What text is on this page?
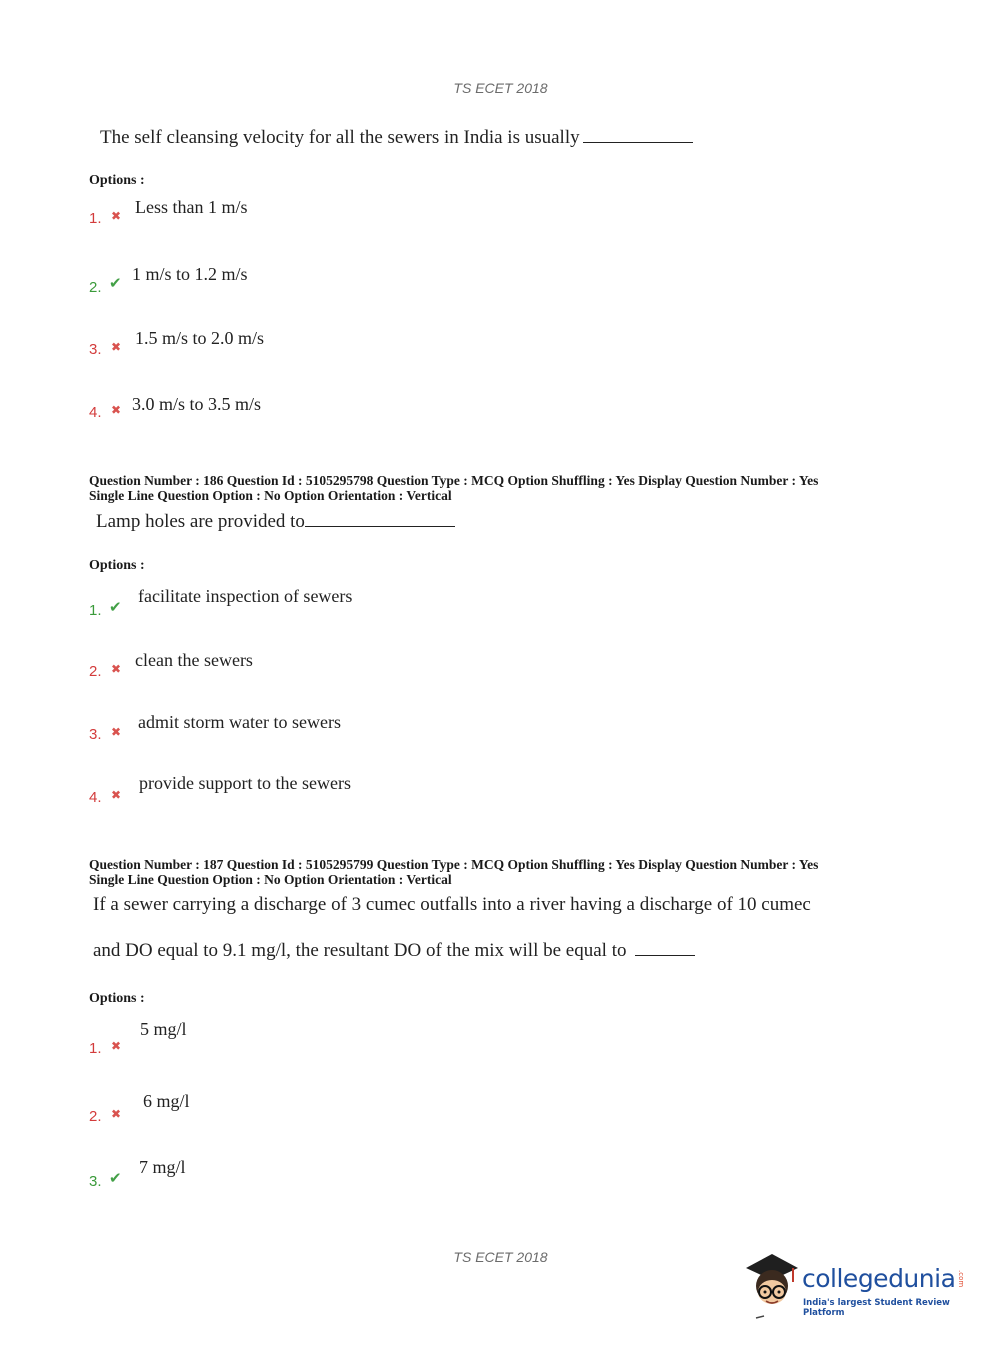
TS ECET 2018
The self cleansing velocity for all the sewers in India is usually
Options :
1. ✖ Less than 1 m/s
2. ✔ 1 m/s to 1.2 m/s
3. ✖ 1.5 m/s to 2.0 m/s
4. ✖ 3.0 m/s to 3.5 m/s
Question Number : 186 Question Id : 5105295798 Question Type : MCQ Option Shuffling : Yes Display Question Number : Yes
Single Line Question Option : No Option Orientation : Vertical
Lamp holes are provided to
Options :
1. ✔
facilitate inspection of sewers
2. ✖ clean the sewers
3. ✖ admit storm water to sewers
4. ✖
provide support to the sewers
Question Number : 187 Question Id : 5105295799 Question Type : MCQ Option Shuffling : Yes Display Question Number : Yes
Single Line Question Option : No Option Orientation : Vertical
If a sewer carrying a discharge of 3 cumec outfalls into a river having a discharge of 10 cumec
and DO equal to 9.1 mg/l, the resultant DO of the mix will be equal to
Options :
1. ✖
5 mg/l
2. ✖
6 mg/l
3. ✔
7 mg/l
TS ECET 2018
collegedunia .com
India's largest Student Review Platform
